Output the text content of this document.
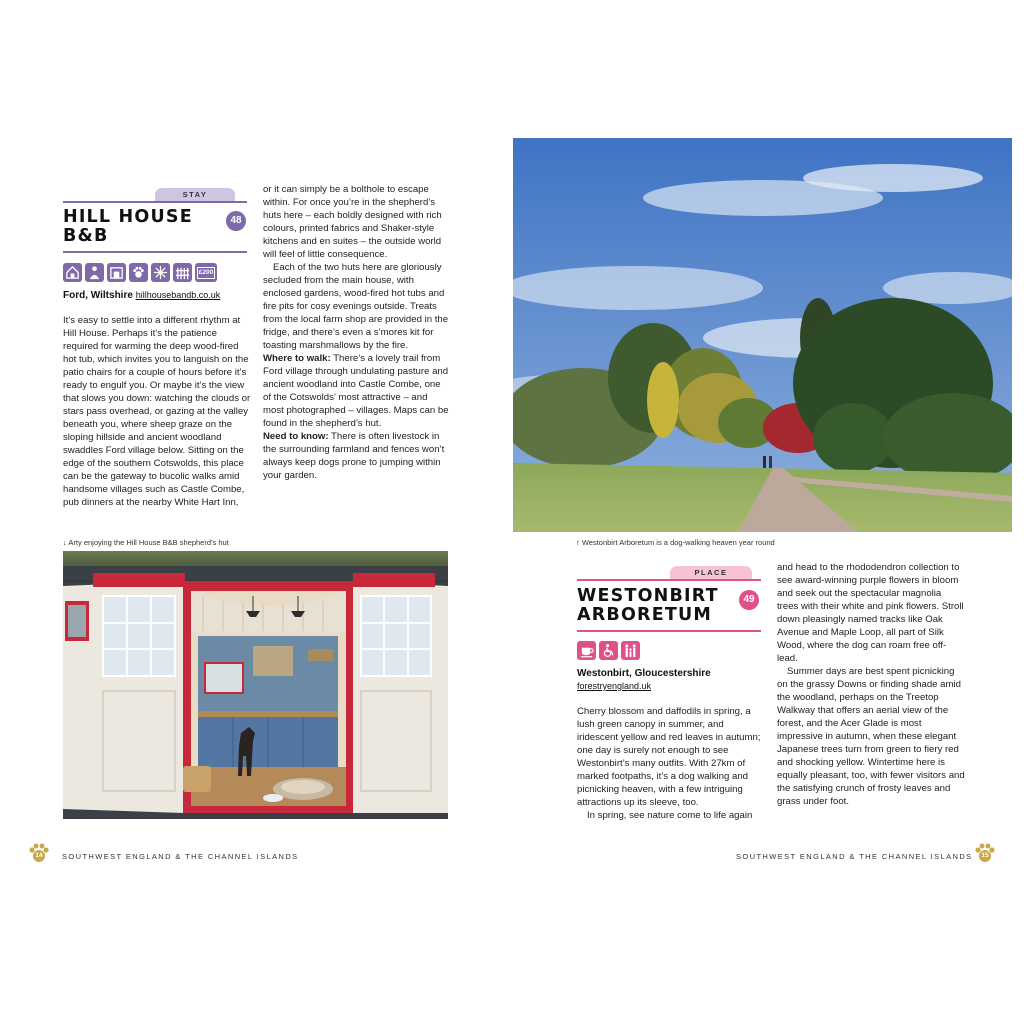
STAY
HILL HOUSE
B&B
48
£200
Ford, Wiltshire hillhousebandb.co.uk

It’s easy to settle into a different rhythm at Hill House. Perhaps it’s the patience required for warming the deep wood-fired hot tub, which invites you to languish on the patio chairs for a couple of hours before it’s ready to engulf you. Or maybe it’s the view that slows you down: watching the clouds or stars pass overhead, or gazing at the valley beneath you, where sheep graze on the sloping hillside and ancient woodland swaddles Ford village below. Sitting on the edge of the southern Cotswolds, this place can be the gateway to bucolic walks amid handsome villages such as Castle Combe, pub dinners at the nearby White Hart Inn,

or it can simply be a bolthole to escape within. For once you’re in the shepherd’s huts here – each boldly designed with rich colours, printed fabrics and Shaker-style kitchens and en suites – the outside world will feel of little consequence.

Each of the two huts here are gloriously secluded from the main house, with enclosed gardens, wood-fired hot tubs and fire pits for cosy evenings outside. Treats from the local farm shop are provided in the fridge, and there’s even a s’mores kit for toasting marshmallows by the fire.

Where to walk: There’s a lovely trail from Ford village through undulating pasture and ancient woodland into Castle Combe, one of the Cotswolds’ most attractive – and most photographed – villages. Maps can be found in the shepherd’s hut.

Need to know: There is often livestock in the surrounding farmland and fences won’t always keep dogs prone to jumping within your garden.

↓ Arty enjoying the Hill House B&B shepherd’s hut
14	SOUTHWEST ENGLAND & THE CHANNEL ISLANDS
↑ Westonbirt Arboretum is a dog-walking heaven year round
PLACE
WESTONBIRT
ARBORETUM
49
Westonbirt, Gloucestershire
forestryengland.uk

Cherry blossom and daffodils in spring, a lush green canopy in summer, and iridescent yellow and red leaves in autumn; one day is surely not enough to see Westonbirt’s many outfits. With 27km of marked footpaths, it’s a dog walking and picnicking heaven, with a few intriguing attractions up its sleeve, too.

In spring, see nature come to life again

and head to the rhododendron collection to see award-winning purple flowers in bloom and seek out the spectacular magnolia trees with their white and pink flowers. Stroll down pleasingly named tracks like Oak Avenue and Maple Loop, all part of Silk Wood, where the dog can roam free off-lead.

Summer days are best spent picnicking on the grassy Downs or finding shade amid the woodland, perhaps on the Treetop Walkway that offers an aerial view of the forest, and the Acer Glade is most impressive in autumn, when these elegant Japanese trees turn from green to fiery red and shocking yellow. Wintertime here is equally pleasant, too, with fewer visitors and the satisfying crunch of frosty leaves and grass under foot.

SOUTHWEST ENGLAND & THE CHANNEL ISLANDS	15
